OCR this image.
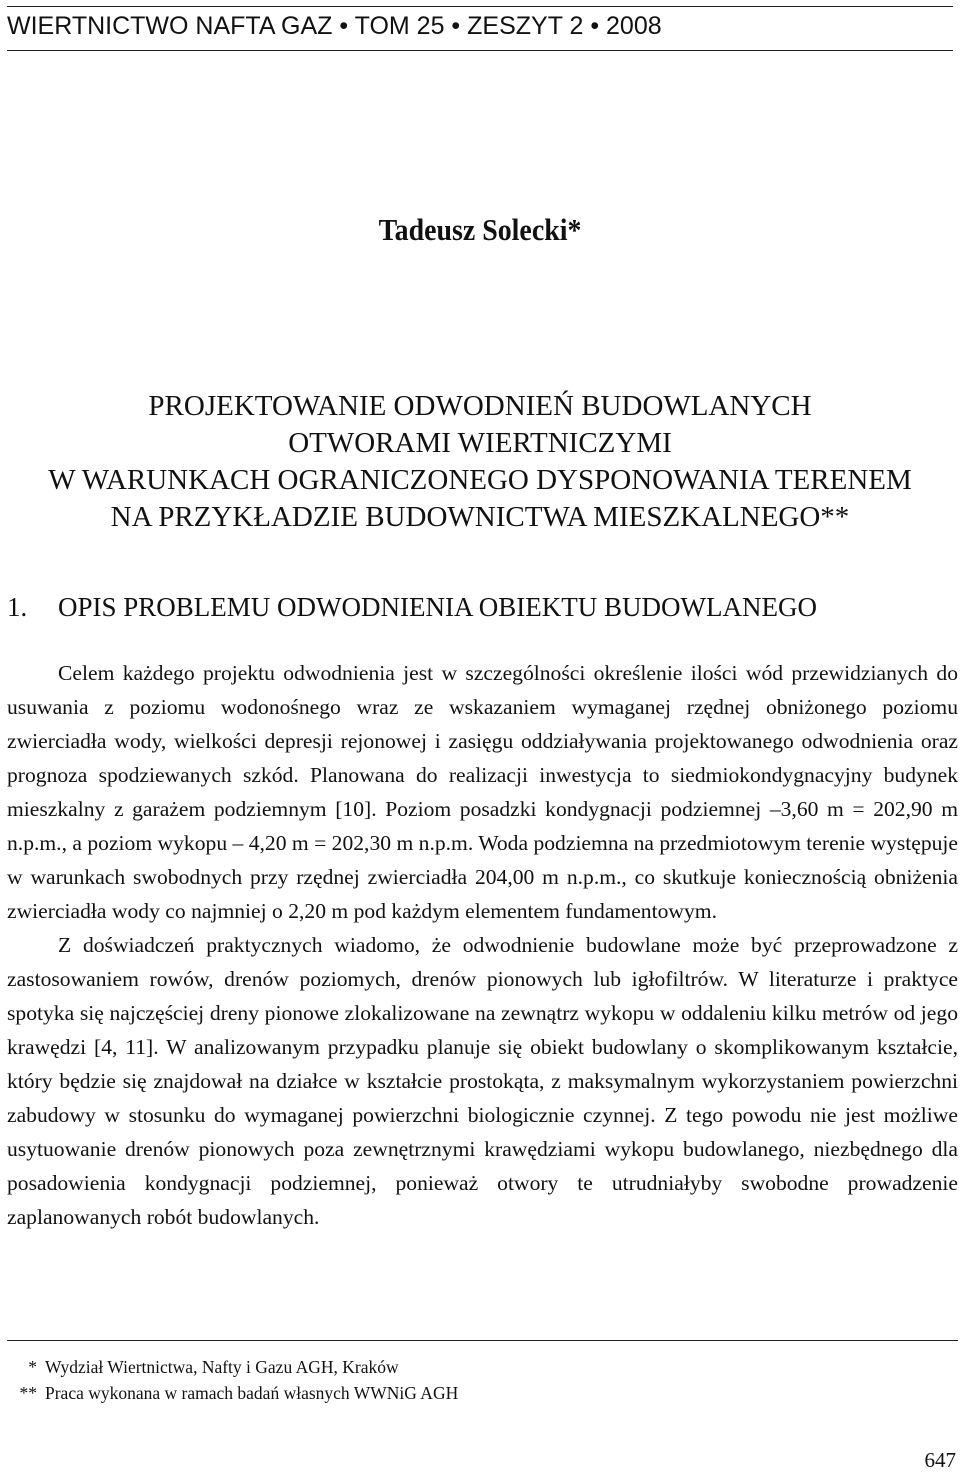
WIERTNICTWO NAFTA GAZ • TOM 25 • ZESZYT 2 • 2008
Tadeusz Solecki*
PROJEKTOWANIE ODWODNIEŃ BUDOWLANYCH
OTWORAMI WIERTNICZYMI
W WARUNKACH OGRANICZONEGO DYSPONOWANIA TERENEM
NA PRZYKŁADZIE BUDOWNICTWA MIESZKALNEGO**
1. OPIS PROBLEMU ODWODNIENIA OBIEKTU BUDOWLANEGO

Celem każdego projektu odwodnienia jest w szczególności określenie ilości wód przewidzianych do usuwania z poziomu wodonośnego wraz ze wskazaniem wymaganej rzędnej obniżonego poziomu zwierciadła wody, wielkości depresji rejonowej i zasięgu oddziaływania projektowanego odwodnienia oraz prognoza spodziewanych szkód. Planowana do realizacji inwestycja to siedmiokondygnacyjny budynek mieszkalny z garażem podziemnym [10]. Poziom posadzki kondygnacji podziemnej –3,60 m = 202,90 m n.p.m., a poziom wykopu – 4,20 m = 202,30 m n.p.m. Woda podziemna na przedmiotowym terenie występuje w warunkach swobodnych przy rzędnej zwierciadła 204,00 m n.p.m., co skutkuje koniecznością obniżenia zwierciadła wody co najmniej o 2,20 m pod każdym elementem fundamentowym.

Z doświadczeń praktycznych wiadomo, że odwodnienie budowlane może być przeprowadzone z zastosowaniem rowów, drenów poziomych, drenów pionowych lub igłofiltrów. W literaturze i praktyce spotyka się najczęściej dreny pionowe zlokalizowane na zewnątrz wykopu w oddaleniu kilku metrów od jego krawędzi [4, 11]. W analizowanym przypadku planuje się obiekt budowlany o skomplikowanym kształcie, który będzie się znajdował na działce w kształcie prostokąta, z maksymalnym wykorzystaniem powierzchni zabudowy w stosunku do wymaganej powierzchni biologicznie czynnej. Z tego powodu nie jest możliwe usytuowanie drenów pionowych poza zewnętrznymi krawędziami wykopu budowlanego, niezbędnego dla posadowienia kondygnacji podziemnej, ponieważ otwory te utrudniałyby swobodne prowadzenie zaplanowanych robót budowlanych.

* Wydział Wiertnictwa, Nafty i Gazu AGH, Kraków
** Praca wykonana w ramach badań własnych WWNiG AGH
647
